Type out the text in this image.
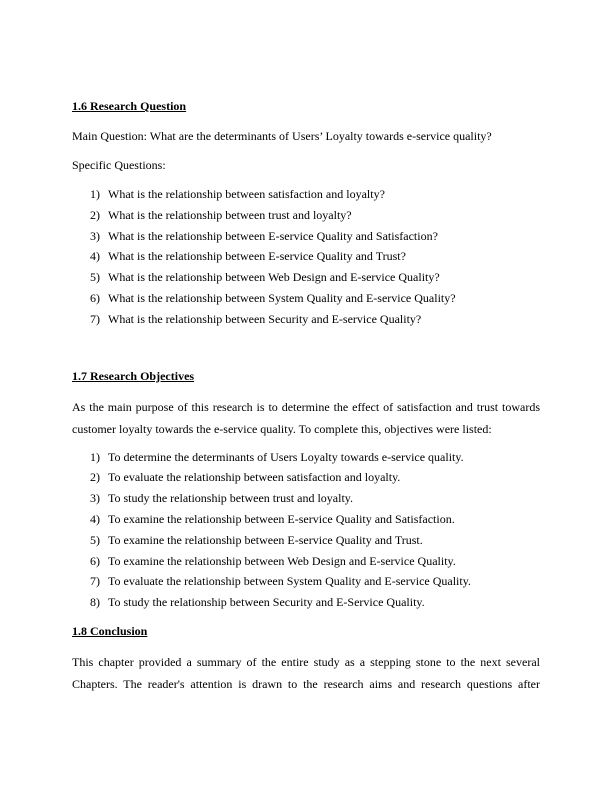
1.6 Research Question

Main Question: What are the determinants of Users’ Loyalty towards e-service quality?

Specific Questions:

1) What is the relationship between satisfaction and loyalty?
2) What is the relationship between trust and loyalty?
3) What is the relationship between E-service Quality and Satisfaction?
4) What is the relationship between E-service Quality and Trust?
5) What is the relationship between Web Design and E-service Quality?
6) What is the relationship between System Quality and E-service Quality?
7) What is the relationship between Security and E-service Quality?

1.7 Research Objectives

As the main purpose of this research is to determine the effect of satisfaction and trust towards

customer loyalty towards the e-service quality. To complete this, objectives were listed:

1) To determine the determinants of Users Loyalty towards e-service quality.
2) To evaluate the relationship between satisfaction and loyalty.
3) To study the relationship between trust and loyalty.
4) To examine the relationship between E-service Quality and Satisfaction.
5) To examine the relationship between E-service Quality and Trust.
6) To examine the relationship between Web Design and E-service Quality.
7) To evaluate the relationship between System Quality and E-service Quality.
8) To study the relationship between Security and E-Service Quality.

1.8 Conclusion

This chapter provided a summary of the entire study as a stepping stone to the next several

Chapters. The reader's attention is drawn to the research aims and research questions after
